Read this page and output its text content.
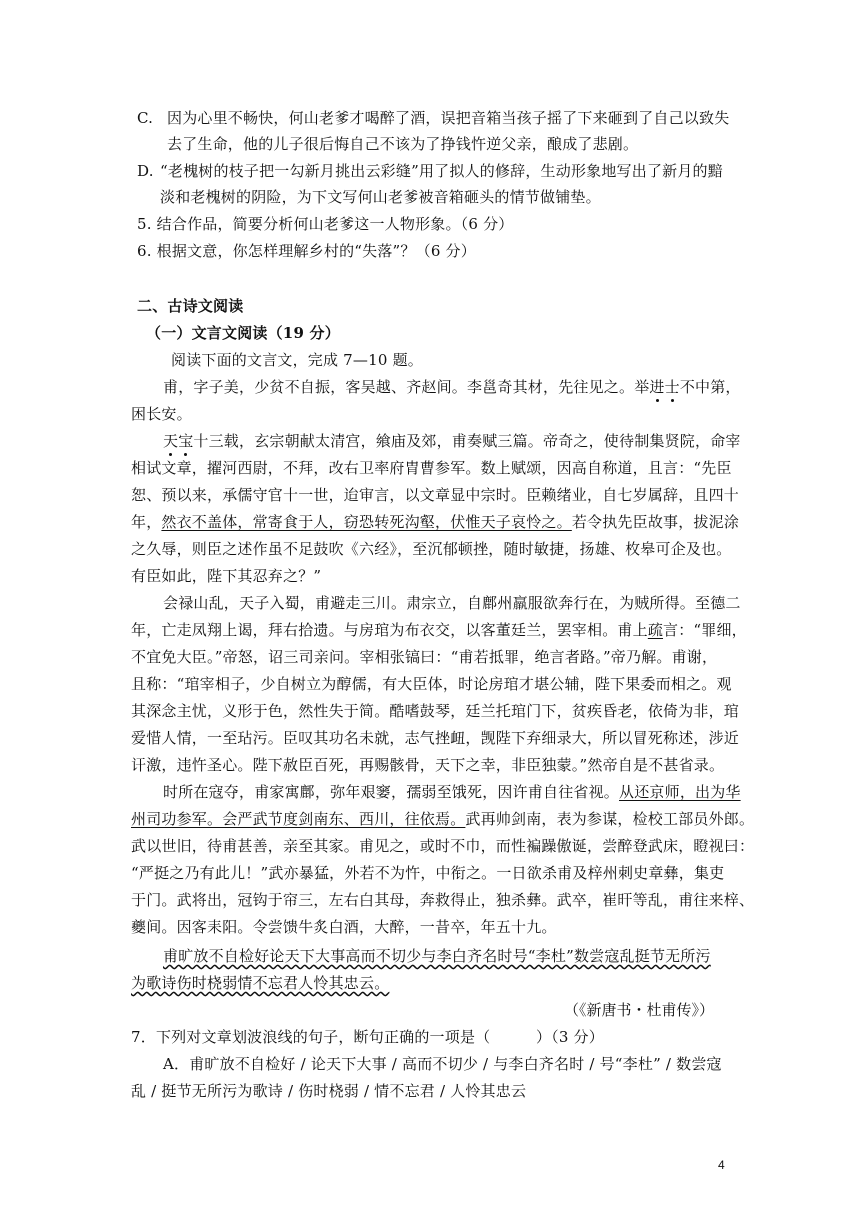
C. 因为心里不畅快，何山老爹才喝醉了酒，误把音箱当孩子摇了下来砸到了自己以致失
去了生命，他的儿子很后悔自己不该为了挣钱忤逆父亲，酿成了悲剧。
D. “老槐树的枝子把一勾新月挑出云彩缝”用了拟人的修辞，生动形象地写出了新月的黯
淡和老槐树的阴险，为下文写何山老爹被音箱砸头的情节做铺垫。
5. 结合作品，简要分析何山老爹这一人物形象。（6 分）
6. 根据文意，你怎样理解乡村的“失落”？（6 分）
二、古诗文阅读
（一）文言文阅读（19 分）
阅读下面的文言文，完成 7—10 题。
甫，字子美，少贫不自振，客吴越、齐赵间。李邕奇其材，先往见之。举进士不中第，
困长安。
天宝十三载，玄宗朝献太清宫，飨庙及郊，甫奏赋三篇。帝奇之，使待制集贤院，命宰
相试文章，擢河西尉，不拜，改右卫率府胄曹参军。数上赋颂，因高自称道，且言：“先臣
恕、预以来，承儒守官十一世，迨审言，以文章显中宗时。臣赖绪业，自七岁属辞，且四十
年，然衣不盖体，常寄食于人，窃恐转死沟壑，伏惟天子哀怜之。若令执先臣故事，拔泥涂
之久辱，则臣之述作虽不足鼓吹《六经》，至沉郁顿挫，随时敏捷，扬雄、枚皋可企及也。
有臣如此，陛下其忍弃之？”
会禄山乱，天子入蜀，甫避走三川。肃宗立，自鄜州羸服欲奔行在，为贼所得。至德二
年，亡走凤翔上谒，拜右拾遗。与房琯为布衣交，以客董廷兰，罢宰相。甫上疏言：“罪细，
不宜免大臣。”帝怒，诏三司亲问。宰相张镐曰：“甫若抵罪，绝言者路。”帝乃解。甫谢，
且称：“琯宰相子，少自树立为醇儒，有大臣体，时论房琯才堪公辅，陛下果委而相之。观
其深念主忧，义形于色，然性失于简。酷嗜鼓琴，廷兰托琯门下，贫疾昏老，依倚为非，琯
爱惜人情，一至玷污。臣叹其功名未就，志气挫衄，觊陛下弃细录大，所以冒死称述，涉近
讦激，违忤圣心。陛下赦臣百死，再赐骸骨，天下之幸，非臣独蒙。”然帝自是不甚省录。
时所在寇夺，甫家寓鄜，弥年艰窭，孺弱至饿死，因许甫自往省视。从还京师，出为华
州司功参军。会严武节度剑南东、西川，往依焉。武再帅剑南，表为参谋，检校工部员外郎。
武以世旧，待甫甚善，亲至其家。甫见之，或时不巾，而性褊躁傲诞，尝醉登武床，瞪视曰：
“严挺之乃有此儿！”武亦暴猛，外若不为忤，中衔之。一日欲杀甫及梓州刺史章彝，集吏
于门。武将出，冠钩于帘三，左右白其母，奔救得止，独杀彝。武卒，崔旰等乱，甫往来梓、
夔间。因客耒阳。令尝馈牛炙白酒，大醉，一昔卒，年五十九。
甫旷放不自检好论天下大事高而不切少与李白齐名时号“李杜”数尝寇乱挺节无所污
为歌诗伤时桡弱情不忘君人怜其忠云。
（《新唐书・杜甫传》）
7．下列对文章划波浪线的句子，断句正确的一项是（　　　）（3 分）
A．甫旷放不自检好 / 论天下大事 / 高而不切少 / 与李白齐名时 / 号“李杜” / 数尝寇
乱 / 挺节无所污为歌诗 / 伤时桡弱 / 情不忘君 / 人怜其忠云
4
